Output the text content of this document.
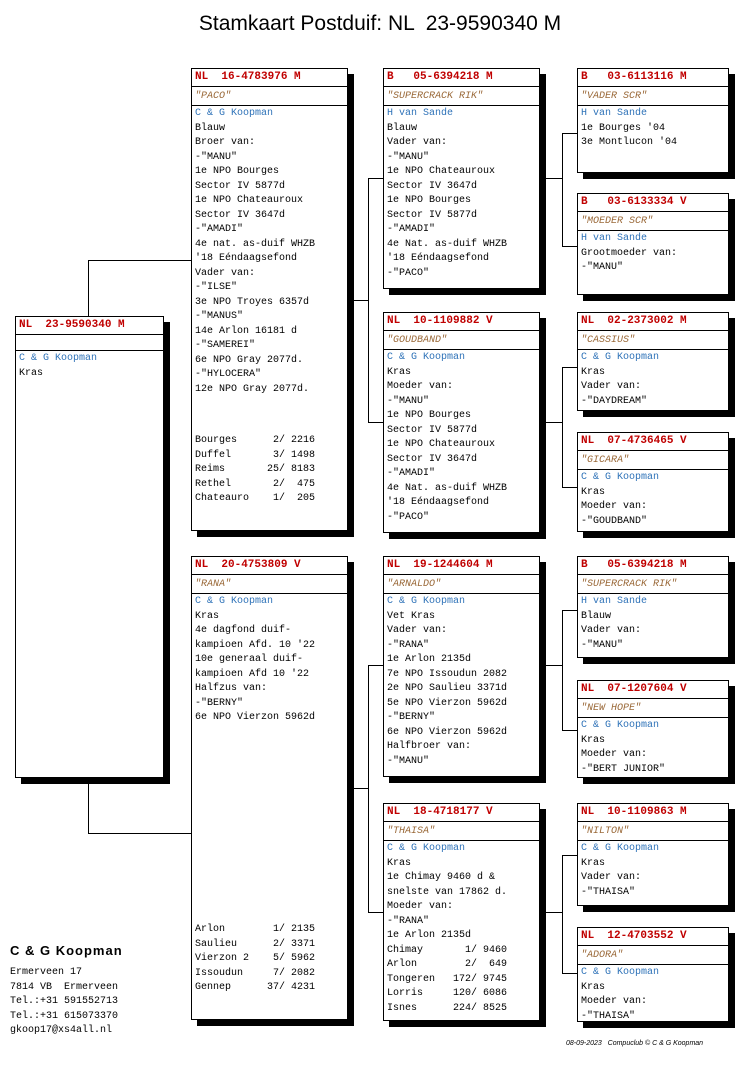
Stamkaart Postduif: NL  23-9590340 M
NL  23-9590340 M
C & G Koopman
Kras
NL  16-4783976 M
"PACO"
C & G Koopman
Blauw
Broer van:
-"MANU"
1e NPO Bourges
Sector IV 5877d
1e NPO Chateauroux
Sector IV 3647d
-"AMADI"
4e nat. as-duif WHZB
'18 Eéndaagsefond
Vader van:
-"ILSE"
3e NPO Troyes 6357d
-"MANUS"
14e Arlon 16181 d
-"SAMEREI"
6e NPO Gray 2077d.
-"HYLOCERA"
12e NPO Gray 2077d.
Bourges      2/ 2216
Duffel       3/ 1498
Reims       25/ 8183
Rethel       2/  475
Chateauro    1/  205
NL  20-4753809 V
"RANA"
C & G Koopman
Kras
4e dagfond duif-
kampioen Afd. 10 '22
10e generaal duif-
kampioen Afd 10 '22
Halfzus van:
-"BERNY"
6e NPO Vierzon 5962d
Arlon        1/ 2135
Saulieu      2/ 3371
Vierzon 2    5/ 5962
Issoudun     7/ 2082
Gennep      37/ 4231
B   05-6394218 M
"SUPERCRACK RIK"
H van Sande
Blauw
Vader van:
-"MANU"
1e NPO Chateauroux
Sector IV 3647d
1e NPO Bourges
Sector IV 5877d
-"AMADI"
4e Nat. as-duif WHZB
'18 Eéndaagsefond
-"PACO"
NL  10-1109882 V
"GOUDBAND"
C & G Koopman
Kras
Moeder van:
-"MANU"
1e NPO Bourges
Sector IV 5877d
1e NPO Chateauroux
Sector IV 3647d
-"AMADI"
4e Nat. as-duif WHZB
'18 Eéndaagsefond
-"PACO"
NL  19-1244604 M
"ARNALDO"
C & G Koopman
Vet Kras
Vader van:
-"RANA"
1e Arlon 2135d
7e NPO Issoudun 2082
2e NPO Saulieu 3371d
5e NPO Vierzon 5962d
-"BERNY"
6e NPO Vierzon 5962d
Halfbroer van:
-"MANU"
NL  18-4718177 V
"THAISA"
C & G Koopman
Kras
1e Chimay 9460 d &
snelste van 17862 d.
Moeder van:
-"RANA"
1e Arlon 2135d
Chimay       1/ 9460
Arlon        2/  649
Tongeren   172/ 9745
Lorris     120/ 6086
Isnes      224/ 8525
B   03-6113116 M
"VADER SCR"
H van Sande
1e Bourges '04
3e Montlucon '04
B   03-6133334 V
"MOEDER SCR"
H van Sande
Grootmoeder van:
-"MANU"
NL  02-2373002 M
"CASSIUS"
C & G Koopman
Kras
Vader van:
-"DAYDREAM"
NL  07-4736465 V
"GICARA"
C & G Koopman
Kras
Moeder van:
-"GOUDBAND"
B   05-6394218 M
"SUPERCRACK RIK"
H van Sande
Blauw
Vader van:
-"MANU"
NL  07-1207604 V
"NEW HOPE"
C & G Koopman
Kras
Moeder van:
-"BERT JUNIOR"
NL  10-1109863 M
"NILTON"
C & G Koopman
Kras
Vader van:
-"THAISA"
NL  12-4703552 V
"ADORA"
C & G Koopman
Kras
Moeder van:
-"THAISA"
C & G Koopman
Ermerveen 17
7814 VB  Ermerveen
Tel.:+31 591552713
Tel.:+31 615073370
gkoop17@xs4all.nl
08-09-2023   Compuclub © C & G Koopman
